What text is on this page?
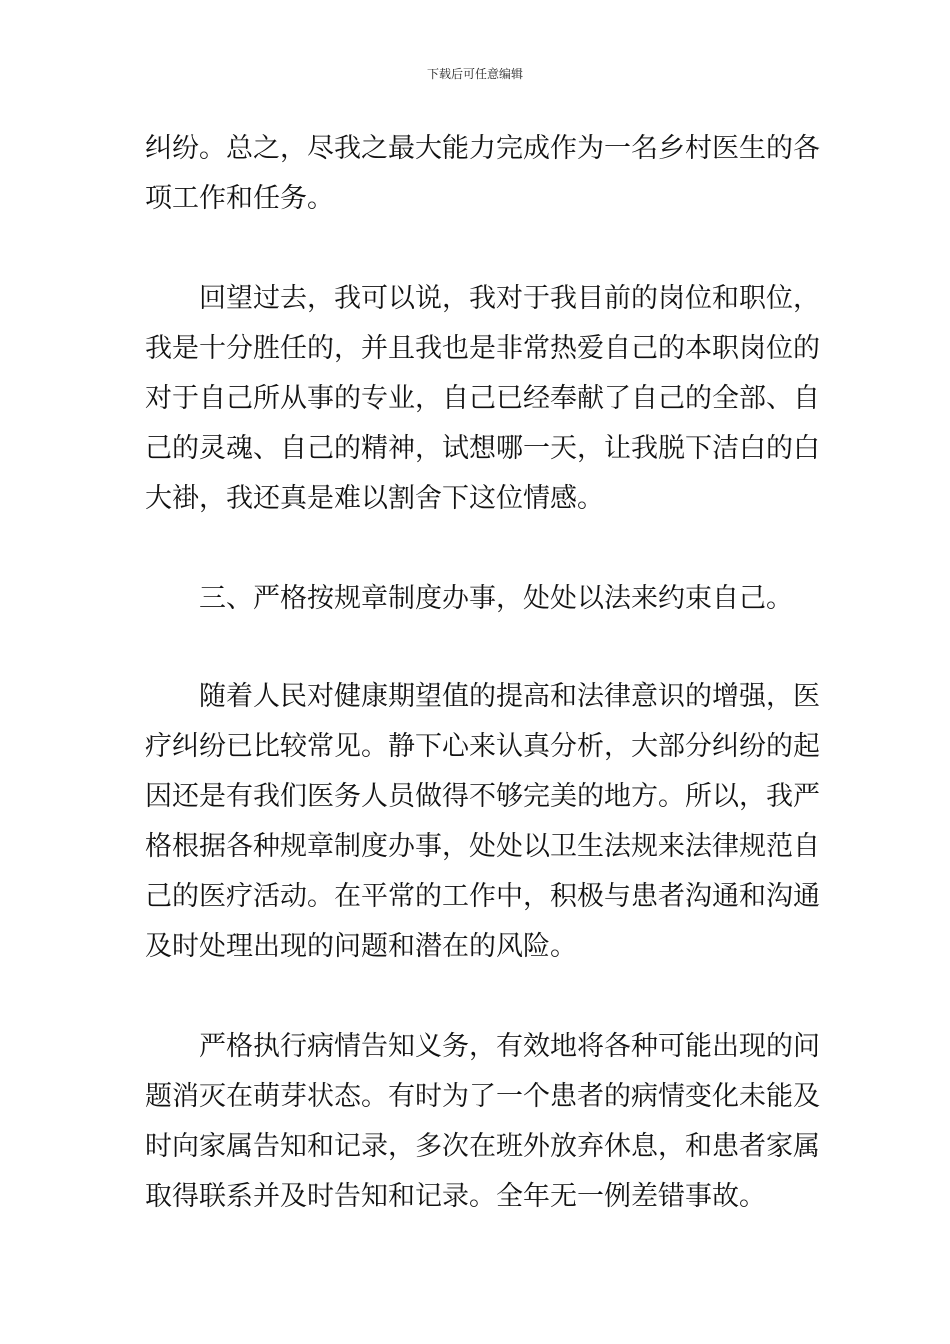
下载后可任意编辑
纠纷。总之，尽我之最大能力完成作为一名乡村医生的各
项工作和任务。
回望过去，我可以说，我对于我目前的岗位和职位，
我是十分胜任的，并且我也是非常热爱自己的本职岗位的
对于自己所从事的专业，自己已经奉献了自己的全部、自
己的灵魂、自己的精神，试想哪一天，让我脱下洁白的白
大褂，我还真是难以割舍下这位情感。
三、严格按规章制度办事，处处以法来约束自己。
随着人民对健康期望值的提高和法律意识的增强，医
疗纠纷已比较常见。静下心来认真分析，大部分纠纷的起
因还是有我们医务人员做得不够完美的地方。所以，我严
格根据各种规章制度办事，处处以卫生法规来法律规范自
己的医疗活动。在平常的工作中，积极与患者沟通和沟通
及时处理出现的问题和潜在的风险。
严格执行病情告知义务，有效地将各种可能出现的问
题消灭在萌芽状态。有时为了一个患者的病情变化未能及
时向家属告知和记录，多次在班外放弃休息，和患者家属
取得联系并及时告知和记录。全年无一例差错事故。
